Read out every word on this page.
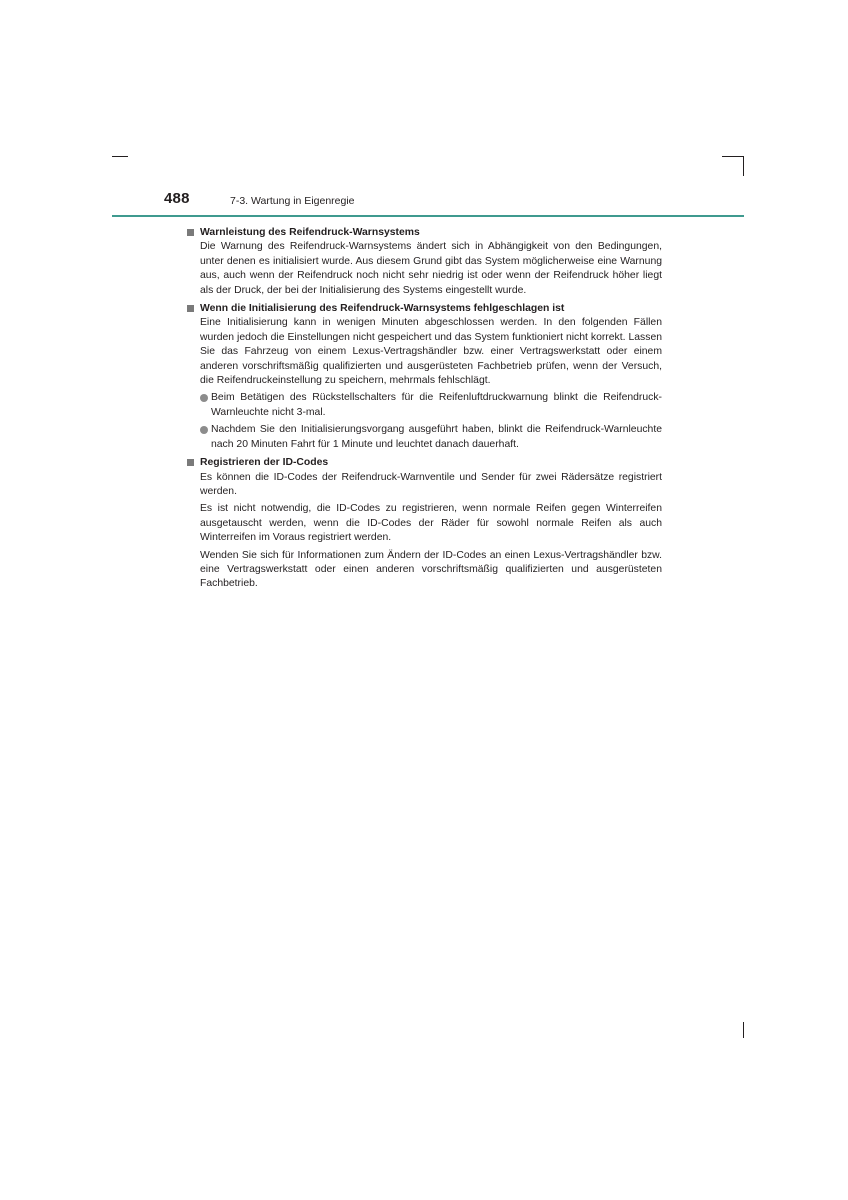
488	7-3. Wartung in Eigenregie

Warnleistung des Reifendruck-Warnsystems

Die Warnung des Reifendruck-Warnsystems ändert sich in Abhängigkeit von den Bedingungen, unter denen es initialisiert wurde. Aus diesem Grund gibt das System möglicherweise eine Warnung aus, auch wenn der Reifendruck noch nicht sehr niedrig ist oder wenn der Reifendruck höher liegt als der Druck, der bei der Initialisierung des Systems eingestellt wurde.

Wenn die Initialisierung des Reifendruck-Warnsystems fehlgeschlagen ist

Eine Initialisierung kann in wenigen Minuten abgeschlossen werden. In den folgenden Fällen wurden jedoch die Einstellungen nicht gespeichert und das System funktioniert nicht korrekt. Lassen Sie das Fahrzeug von einem Lexus-Vertragshändler bzw. einer Vertragswerkstatt oder einem anderen vorschriftsmäßig qualifizierten und ausgerüsteten Fachbetrieb prüfen, wenn der Versuch, die Reifendruckeinstellung zu speichern, mehrmals fehlschlägt.

Beim Betätigen des Rückstellschalters für die Reifenluftdruckwarnung blinkt die Reifendruck-Warnleuchte nicht 3-mal.
Nachdem Sie den Initialisierungsvorgang ausgeführt haben, blinkt die Reifendruck-Warnleuchte nach 20 Minuten Fahrt für 1 Minute und leuchtet danach dauerhaft.

Registrieren der ID-Codes

Es können die ID-Codes der Reifendruck-Warnventile und Sender für zwei Rädersätze registriert werden.

Es ist nicht notwendig, die ID-Codes zu registrieren, wenn normale Reifen gegen Winterreifen ausgetauscht werden, wenn die ID-Codes der Räder für sowohl normale Reifen als auch Winterreifen im Voraus registriert werden.

Wenden Sie sich für Informationen zum Ändern der ID-Codes an einen Lexus-Vertragshändler bzw. eine Vertragswerkstatt oder einen anderen vorschriftsmäßig qualifizierten und ausgerüsteten Fachbetrieb.
